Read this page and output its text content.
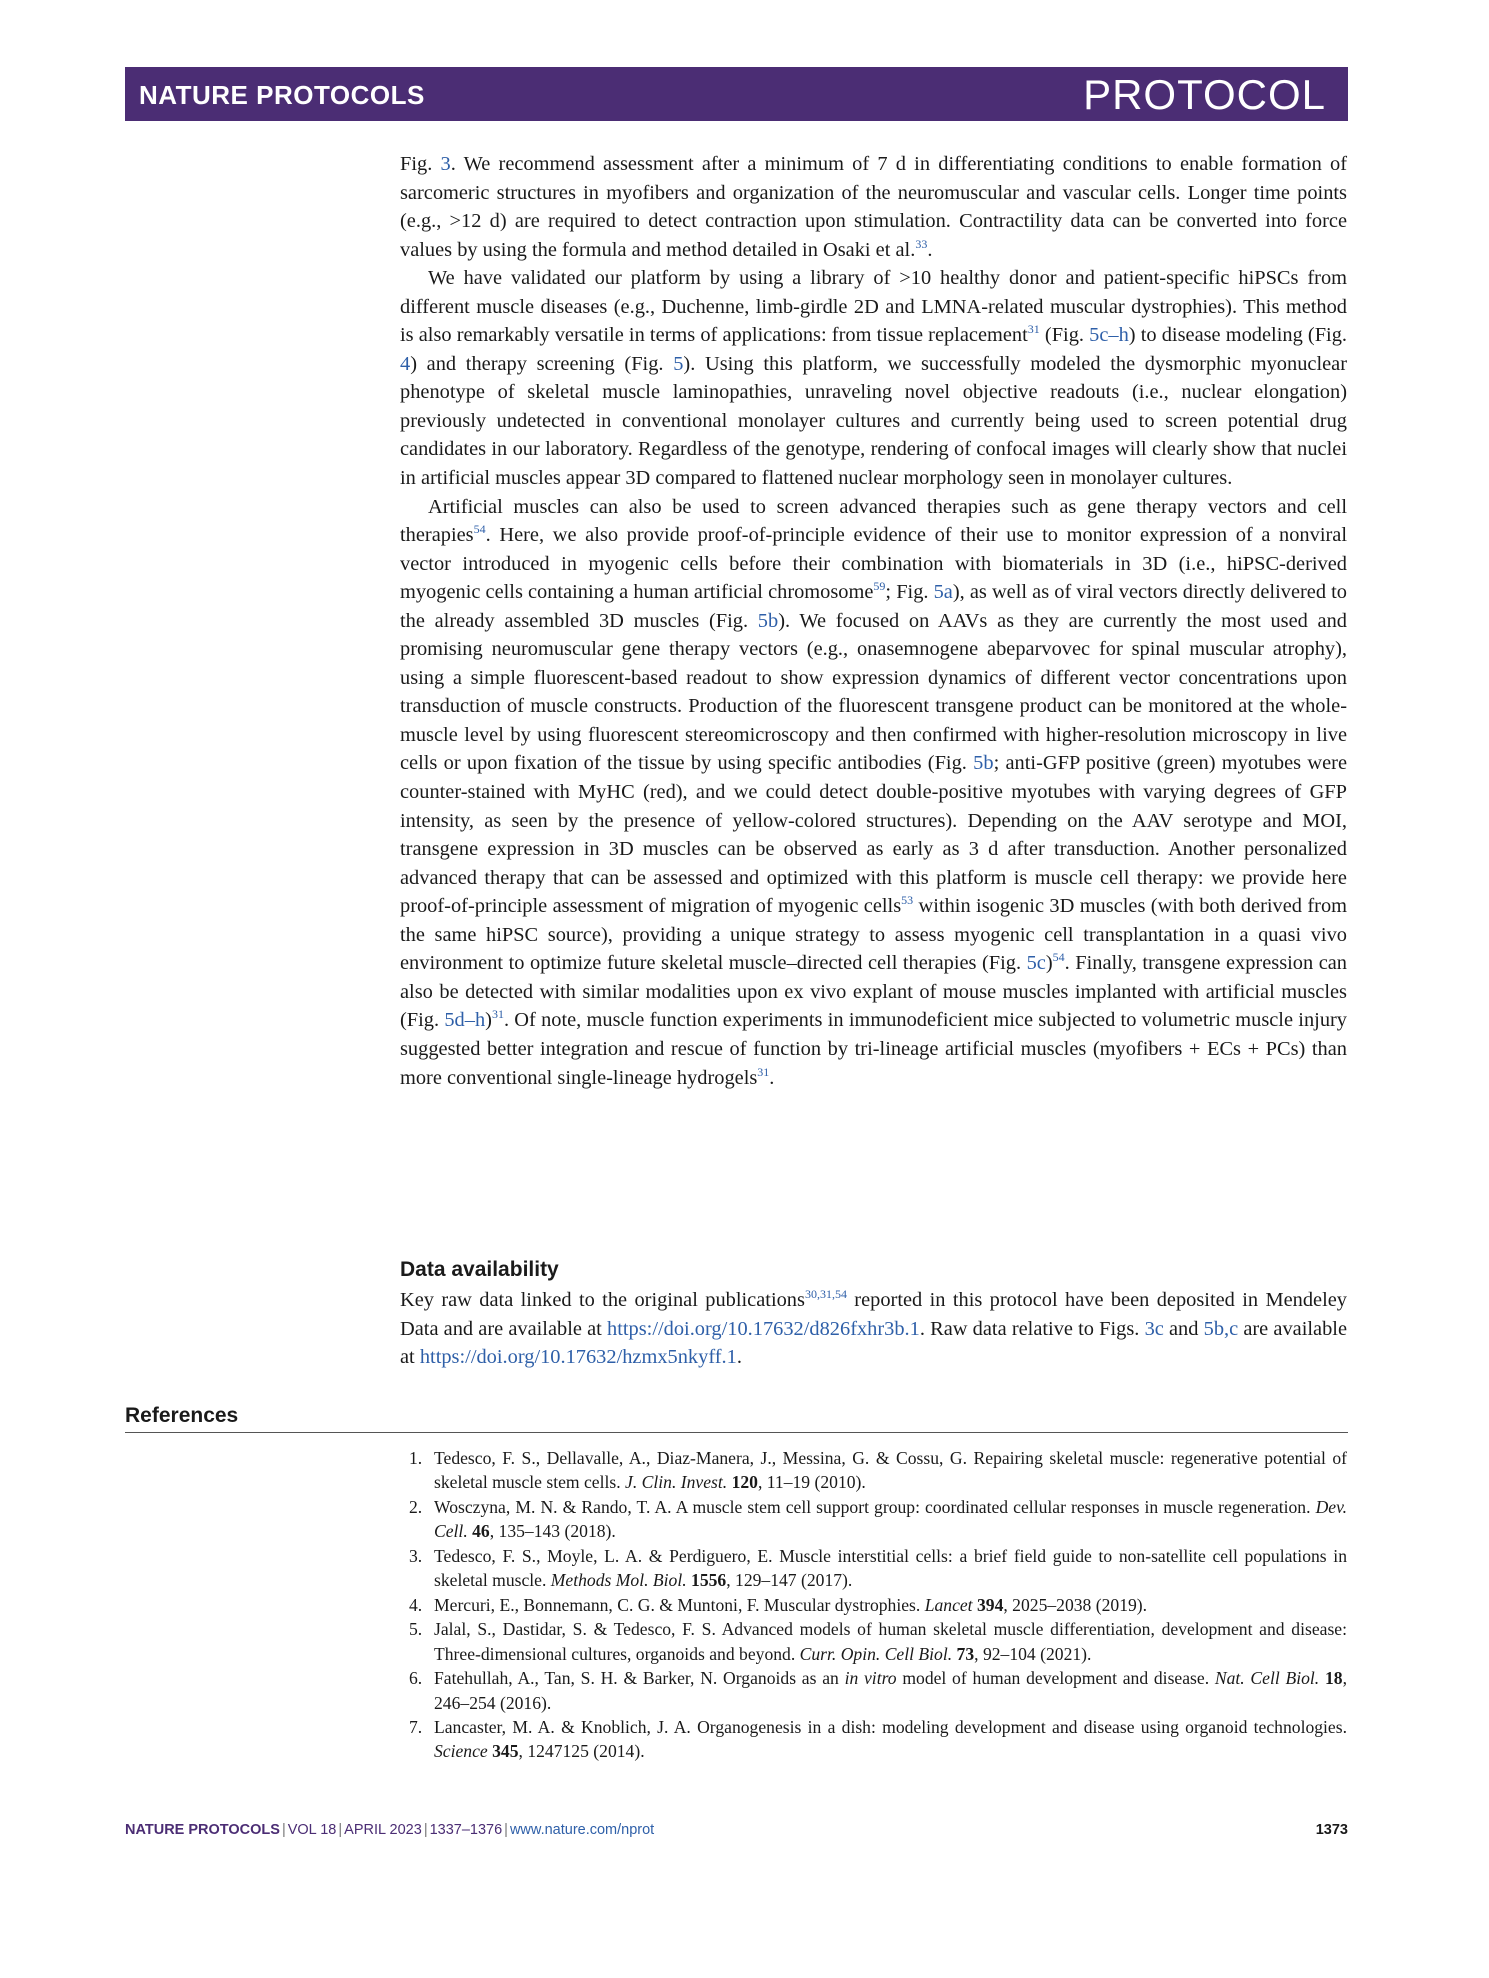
NATURE PROTOCOLS	PROTOCOL

Fig. 3. We recommend assessment after a minimum of 7 d in differentiating conditions to enable formation of sarcomeric structures in myofibers and organization of the neuromuscular and vascular cells. Longer time points (e.g., >12 d) are required to detect contraction upon stimulation. Contractility data can be converted into force values by using the formula and method detailed in Osaki et al.$^{33}$.

We have validated our platform by using a library of >10 healthy donor and patient-specific hiPSCs from different muscle diseases (e.g., Duchenne, limb-girdle 2D and LMNA-related muscular dystrophies). This method is also remarkably versatile in terms of applications: from tissue replacement$^{31}$ (Fig. 5c–h) to disease modeling (Fig. 4) and therapy screening (Fig. 5). Using this platform, we successfully modeled the dysmorphic myonuclear phenotype of skeletal muscle laminopathies, unraveling novel objective readouts (i.e., nuclear elongation) previously undetected in conventional monolayer cultures and currently being used to screen potential drug candidates in our laboratory. Regardless of the genotype, rendering of confocal images will clearly show that nuclei in artificial muscles appear 3D compared to flattened nuclear morphology seen in monolayer cultures.

Artificial muscles can also be used to screen advanced therapies such as gene therapy vectors and cell therapies$^{54}$. Here, we also provide proof-of-principle evidence of their use to monitor expression of a nonviral vector introduced in myogenic cells before their combination with biomaterials in 3D (i.e., hiPSC-derived myogenic cells containing a human artificial chromosome$^{59}$; Fig. 5a), as well as of viral vectors directly delivered to the already assembled 3D muscles (Fig. 5b). We focused on AAVs as they are currently the most used and promising neuromuscular gene therapy vectors (e.g., onasemnogene abeparvovec for spinal muscular atrophy), using a simple fluorescent-based readout to show expression dynamics of different vector concentrations upon transduction of muscle constructs. Production of the fluorescent transgene product can be monitored at the whole-muscle level by using fluorescent stereomicroscopy and then confirmed with higher-resolution microscopy in live cells or upon fixation of the tissue by using specific antibodies (Fig. 5b; anti-GFP positive (green) myotubes were counter-stained with MyHC (red), and we could detect double-positive myotubes with varying degrees of GFP intensity, as seen by the presence of yellow-colored structures). Depending on the AAV serotype and MOI, transgene expression in 3D muscles can be observed as early as 3 d after transduction. Another personalized advanced therapy that can be assessed and optimized with this platform is muscle cell therapy: we provide here proof-of-principle assessment of migration of myogenic cells$^{53}$ within isogenic 3D muscles (with both derived from the same hiPSC source), providing a unique strategy to assess myogenic cell transplantation in a quasi vivo environment to optimize future skeletal muscle–directed cell therapies (Fig. 5c)$^{54}$. Finally, transgene expression can also be detected with similar modalities upon ex vivo explant of mouse muscles implanted with artificial muscles (Fig. 5d–h)$^{31}$. Of note, muscle function experiments in immunodeficient mice subjected to volumetric muscle injury suggested better integration and rescue of function by tri-lineage artificial muscles (myofibers + ECs + PCs) than more conventional single-lineage hydrogels$^{31}$.

Data availability

Key raw data linked to the original publications$^{30,31,54}$ reported in this protocol have been deposited in Mendeley Data and are available at https://doi.org/10.17632/d826fxhr3b.1. Raw data relative to Figs. 3c and 5b,c are available at https://doi.org/10.17632/hzmx5nkyff.1.

References
1. Tedesco, F. S., Dellavalle, A., Diaz-Manera, J., Messina, G. & Cossu, G. Repairing skeletal muscle: regenerative potential of skeletal muscle stem cells. J. Clin. Invest. 120, 11–19 (2010).
2. Wosczyna, M. N. & Rando, T. A. A muscle stem cell support group: coordinated cellular responses in muscle regeneration. Dev. Cell. 46, 135–143 (2018).
3. Tedesco, F. S., Moyle, L. A. & Perdiguero, E. Muscle interstitial cells: a brief field guide to non-satellite cell populations in skeletal muscle. Methods Mol. Biol. 1556, 129–147 (2017).
4. Mercuri, E., Bonnemann, C. G. & Muntoni, F. Muscular dystrophies. Lancet 394, 2025–2038 (2019).
5. Jalal, S., Dastidar, S. & Tedesco, F. S. Advanced models of human skeletal muscle differentiation, development and disease: Three-dimensional cultures, organoids and beyond. Curr. Opin. Cell Biol. 73, 92–104 (2021).
6. Fatehullah, A., Tan, S. H. & Barker, N. Organoids as an in vitro model of human development and disease. Nat. Cell Biol. 18, 246–254 (2016).
7. Lancaster, M. A. & Knoblich, J. A. Organogenesis in a dish: modeling development and disease using organoid technologies. Science 345, 1247125 (2014).
NATURE PROTOCOLS | VOL 18 | APRIL 2023 | 1337–1376 | www.nature.com/nprot	1373
